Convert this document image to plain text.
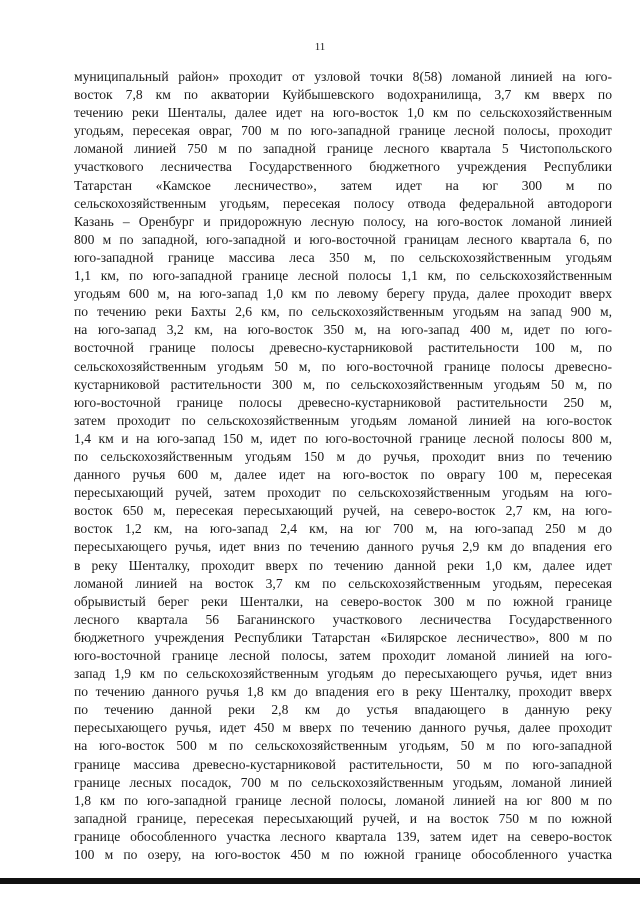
11
муниципальный район» проходит от узловой точки 8(58) ломаной линией на юго-
восток 7,8 км по акватории Куйбышевского водохранилища, 3,7 км вверх по
течению реки Шенталы, далее идет на юго-восток 1,0 км по сельскохозяйственным
угодьям, пересекая овраг, 700 м по юго-западной границе лесной полосы, проходит
ломаной линией 750 м по западной границе лесного квартала 5 Чистопольского
участкового лесничества Государственного бюджетного учреждения Республики
Татарстан «Камское лесничество», затем идет на юг 300 м по
сельскохозяйственным угодьям, пересекая полосу отвода федеральной автодороги
Казань – Оренбург и придорожную лесную полосу, на юго-восток ломаной линией
800 м по западной, юго-западной и юго-восточной границам лесного квартала 6, по
юго-западной границе массива леса 350 м, по сельскохозяйственным угодьям
1,1 км, по юго-западной границе лесной полосы 1,1 км, по сельскохозяйственным
угодьям 600 м, на юго-запад 1,0 км по левому берегу пруда, далее проходит вверх
по течению реки Бахты 2,6 км, по сельскохозяйственным угодьям на запад 900 м,
на юго-запад 3,2 км, на юго-восток 350 м, на юго-запад 400 м, идет по юго-
восточной границе полосы древесно-кустарниковой растительности 100 м, по
сельскохозяйственным угодьям 50 м, по юго-восточной границе полосы древесно-
кустарниковой растительности 300 м, по сельскохозяйственным угодьям 50 м, по
юго-восточной границе полосы древесно-кустарниковой растительности 250 м,
затем проходит по сельскохозяйственным угодьям ломаной линией на юго-восток
1,4 км и на юго-запад 150 м, идет по юго-восточной границе лесной полосы 800 м,
по сельскохозяйственным угодьям 150 м до ручья, проходит вниз по течению
данного ручья 600 м, далее идет на юго-восток по оврагу 100 м, пересекая
пересыхающий ручей, затем проходит по сельскохозяйственным угодьям на юго-
восток 650 м, пересекая пересыхающий ручей, на северо-восток 2,7 км, на юго-
восток 1,2 км, на юго-запад 2,4 км, на юг 700 м, на юго-запад 250 м до
пересыхающего ручья, идет вниз по течению данного ручья 2,9 км до впадения его
в реку Шенталку, проходит вверх по течению данной реки 1,0 км, далее идет
ломаной линией на восток 3,7 км по сельскохозяйственным угодьям, пересекая
обрывистый берег реки Шенталки, на северо-восток 300 м по южной границе
лесного квартала 56 Баганинского участкового лесничества Государственного
бюджетного учреждения Республики Татарстан «Билярское лесничество», 800 м по
юго-восточной границе лесной полосы, затем проходит ломаной линией на юго-
запад 1,9 км по сельскохозяйственным угодьям до пересыхающего ручья, идет вниз
по течению данного ручья 1,8 км до впадения его в реку Шенталку, проходит вверх
по течению данной реки 2,8 км до устья впадающего в данную реку
пересыхающего ручья, идет 450 м вверх по течению данного ручья, далее проходит
на юго-восток 500 м по сельскохозяйственным угодьям, 50 м по юго-западной
границе массива древесно-кустарниковой растительности, 50 м по юго-западной
границе лесных посадок, 700 м по сельскохозяйственным угодьям, ломаной линией
1,8 км по юго-западной границе лесной полосы, ломаной линией на юг 800 м по
западной границе, пересекая пересыхающий ручей, и на восток 750 м по южной
границе обособленного участка лесного квартала 139, затем идет на северо-восток
100 м по озеру, на юго-восток 450 м по южной границе обособленного участка
